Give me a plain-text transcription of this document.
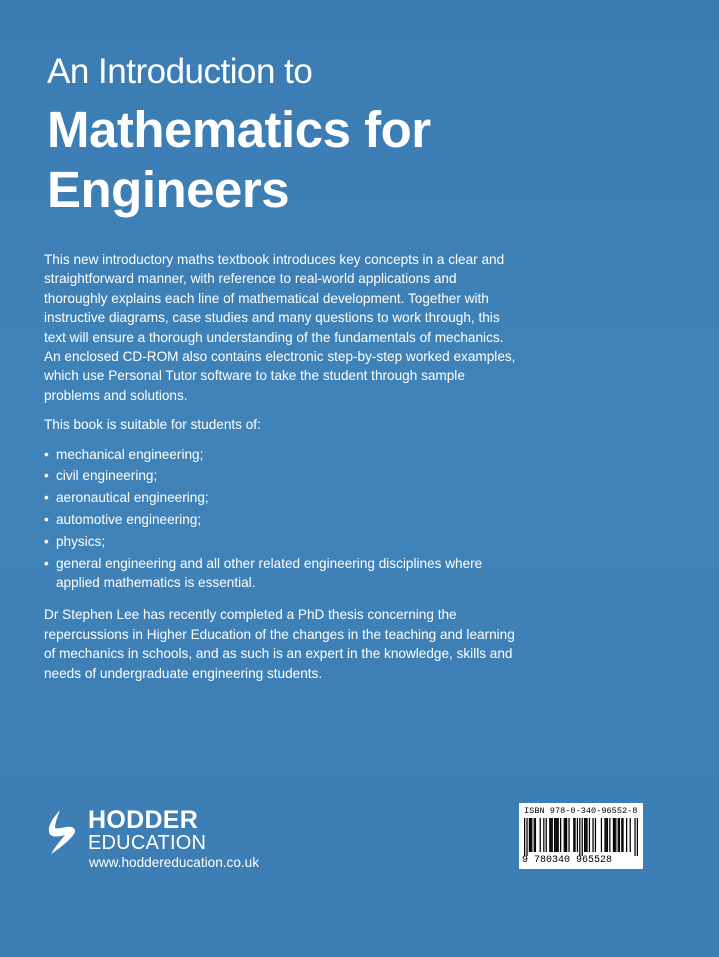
An Introduction to
Mathematics for
Engineers

This new introductory maths textbook introduces key concepts in a clear and straightforward manner, with reference to real-world applications and thoroughly explains each line of mathematical development. Together with instructive diagrams, case studies and many questions to work through, this text will ensure a thorough understanding of the fundamentals of mechanics. An enclosed CD-ROM also contains electronic step-by-step worked examples, which use Personal Tutor software to take the student through sample problems and solutions.

This book is suitable for students of:

• mechanical engineering;
• civil engineering;
• aeronautical engineering;
• automotive engineering;
• physics;
• general engineering and all other related engineering disciplines where applied mathematics is essential.

Dr Stephen Lee has recently completed a PhD thesis concerning the repercussions in Higher Education of the changes in the teaching and learning of mechanics in schools, and as such is an expert in the knowledge, skills and needs of undergraduate engineering students.

HODDER
EDUCATION
www.hoddereducation.co.uk
ISBN 978-0-340-96552-8
9 780340 965528
